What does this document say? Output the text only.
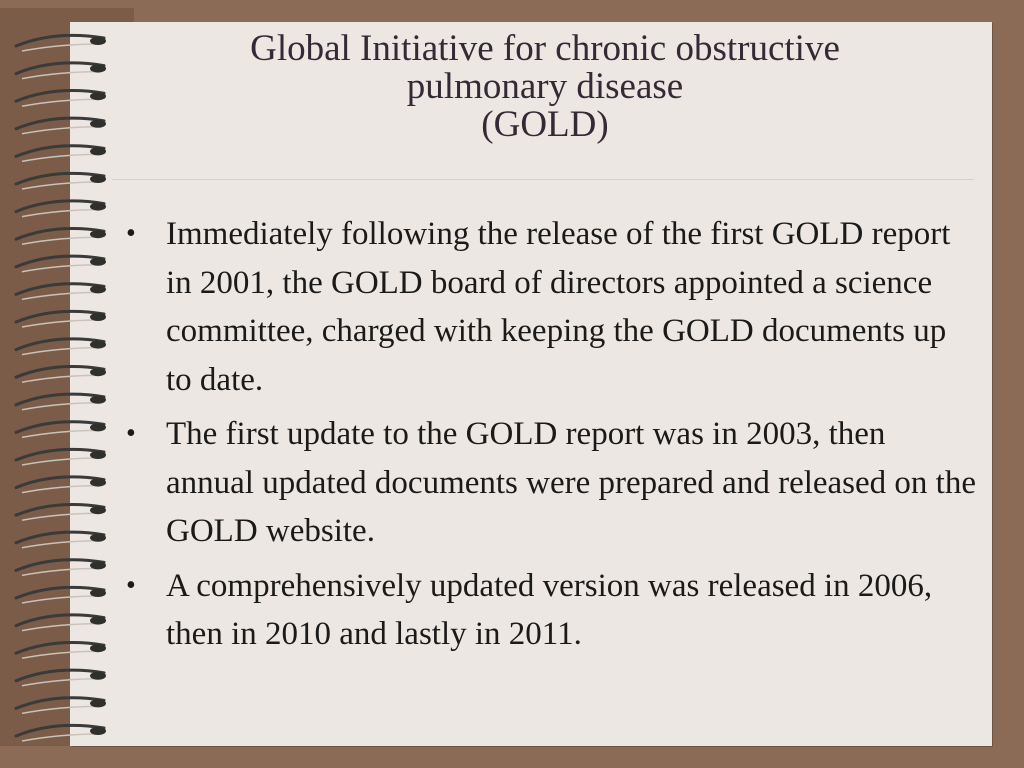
Global Initiative for chronic obstructive
pulmonary disease
(GOLD)
• Immediately following the release of the first GOLD report in 2001, the GOLD board of directors appointed a science committee, charged with keeping the GOLD documents up to date.
• The first update to the GOLD report was in 2003, then annual updated documents were prepared and released on the GOLD website.
• A comprehensively updated version was released in 2006, then in 2010 and lastly in 2011.
